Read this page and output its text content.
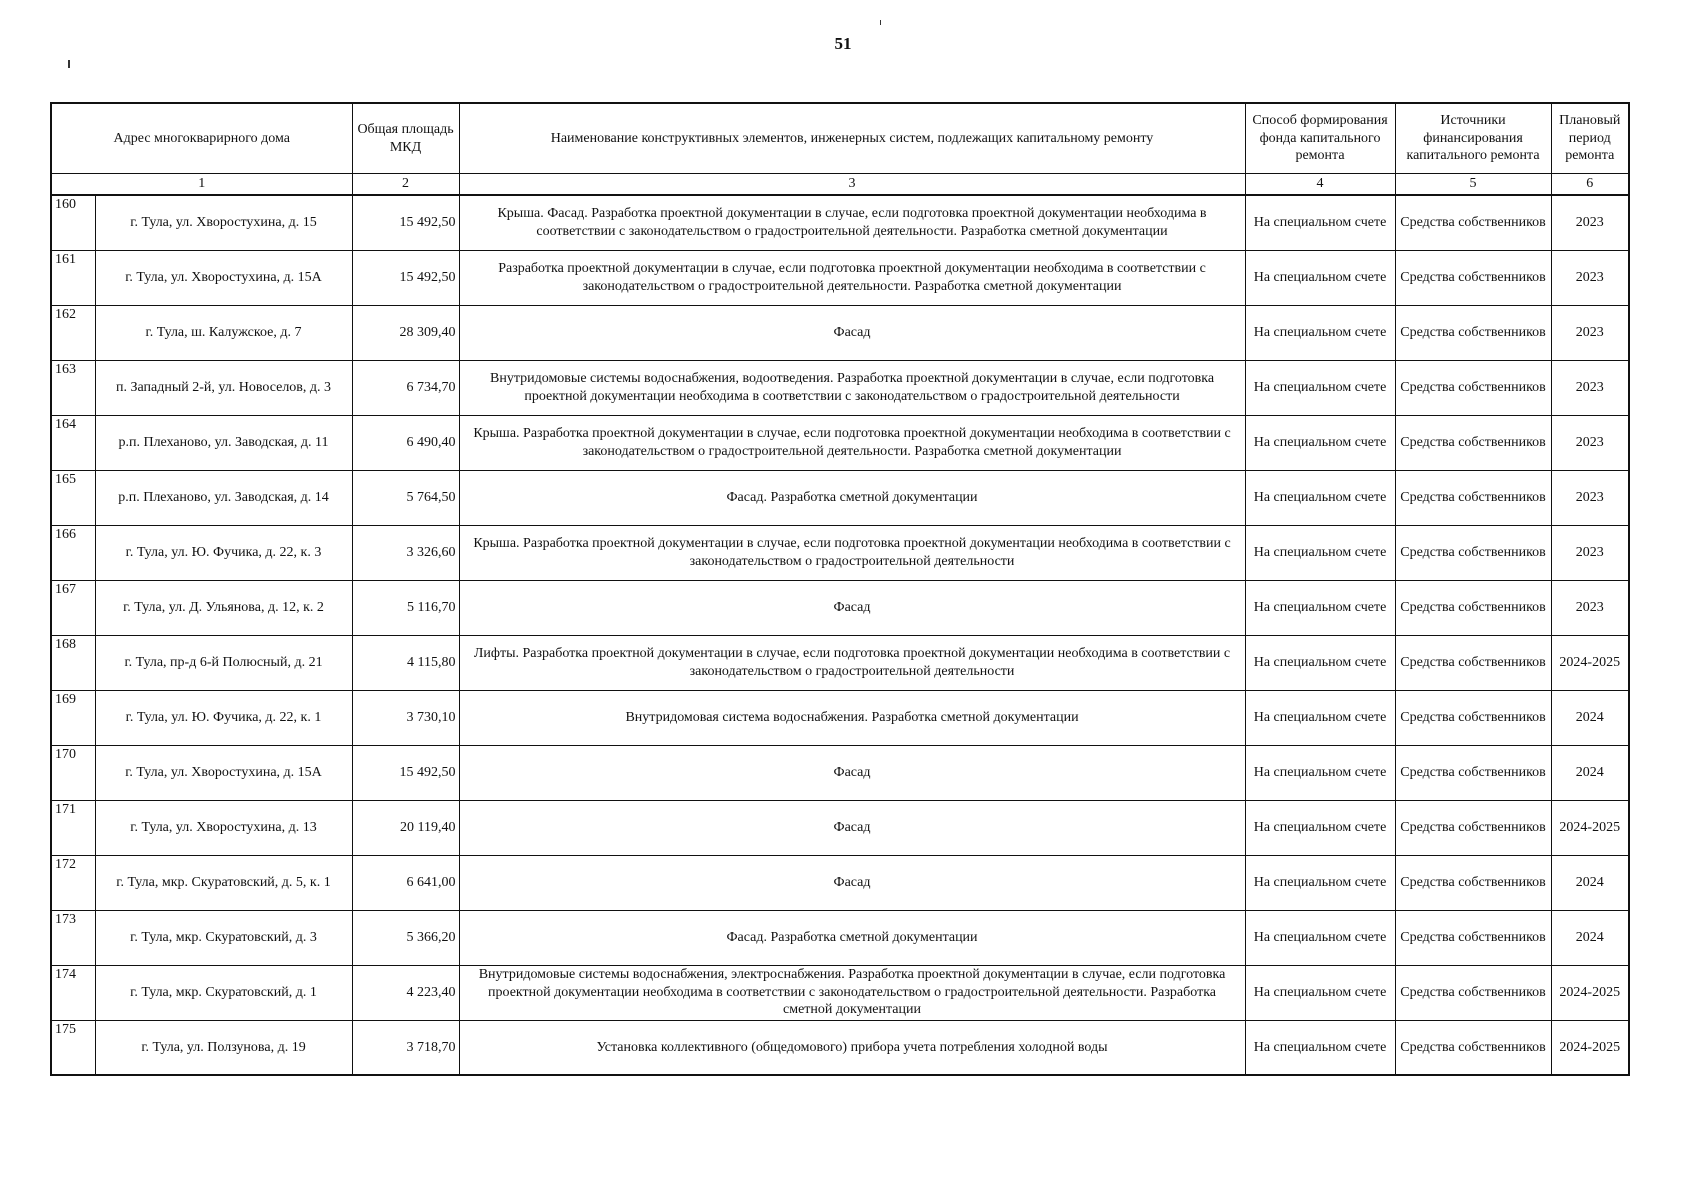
51
Адрес многокварирного дома		Общая площадь МКД	Наименование конструктивных элементов, инженерных систем, подлежащих капитальному ремонту	Способ формирования фонда капитального ремонта	Источники финансирования капитального ремонта	Плановый период ремонта
1		2	3	4	5	6
160	г. Тула, ул. Хворостухина, д. 15	15 492,50	Крыша. Фасад. Разработка проектной документации в случае, если подготовка проектной документации необходима в соответствии с законодательством о градостроительной деятельности. Разработка сметной документации	На специальном счете	Средства собственников	2023
161	г. Тула, ул. Хворостухина, д. 15А	15 492,50	Разработка проектной документации в случае, если подготовка проектной документации необходима в соответствии с законодательством о градостроительной деятельности. Разработка сметной документации	На специальном счете	Средства собственников	2023
162	г. Тула, ш. Калужское, д. 7	28 309,40	Фасад	На специальном счете	Средства собственников	2023
163	п. Западный 2-й, ул. Новоселов, д. 3	6 734,70	Внутридомовые системы водоснабжения, водоотведения. Разработка проектной документации в случае, если подготовка проектной документации необходима в соответствии с законодательством о градостроительной деятельности	На специальном счете	Средства собственников	2023
164	р.п. Плеханово, ул. Заводская, д. 11	6 490,40	Крыша. Разработка проектной документации в случае, если подготовка проектной документации необходима в соответствии с законодательством о градостроительной деятельности. Разработка сметной документации	На специальном счете	Средства собственников	2023
165	р.п. Плеханово, ул. Заводская, д. 14	5 764,50	Фасад. Разработка сметной документации	На специальном счете	Средства собственников	2023
166	г. Тула, ул. Ю. Фучика, д. 22, к. 3	3 326,60	Крыша. Разработка проектной документации в случае, если подготовка проектной документации необходима в соответствии с законодательством о градостроительной деятельности	На специальном счете	Средства собственников	2023
167	г. Тула, ул. Д. Ульянова, д. 12, к. 2	5 116,70	Фасад	На специальном счете	Средства собственников	2023
168	г. Тула, пр-д 6-й Полюсный, д. 21	4 115,80	Лифты. Разработка проектной документации в случае, если подготовка проектной документации необходима в соответствии с законодательством о градостроительной деятельности	На специальном счете	Средства собственников	2024-2025
169	г. Тула, ул. Ю. Фучика, д. 22, к. 1	3 730,10	Внутридомовая система водоснабжения. Разработка сметной документации	На специальном счете	Средства собственников	2024
170	г. Тула, ул. Хворостухина, д. 15А	15 492,50	Фасад	На специальном счете	Средства собственников	2024
171	г. Тула, ул. Хворостухина, д. 13	20 119,40	Фасад	На специальном счете	Средства собственников	2024-2025
172	г. Тула, мкр. Скуратовский, д. 5, к. 1	6 641,00	Фасад	На специальном счете	Средства собственников	2024
173	г. Тула, мкр. Скуратовский, д. 3	5 366,20	Фасад. Разработка сметной документации	На специальном счете	Средства собственников	2024
174	г. Тула, мкр. Скуратовский, д. 1	4 223,40	Внутридомовые системы водоснабжения, электроснабжения. Разработка проектной документации в случае, если подготовка проектной документации необходима в соответствии с законодательством о градостроительной деятельности. Разработка сметной документации	На специальном счете	Средства собственников	2024-2025
175	г. Тула, ул. Ползунова, д. 19	3 718,70	Установка коллективного (общедомового) прибора учета потребления холодной воды	На специальном счете	Средства собственников	2024-2025
